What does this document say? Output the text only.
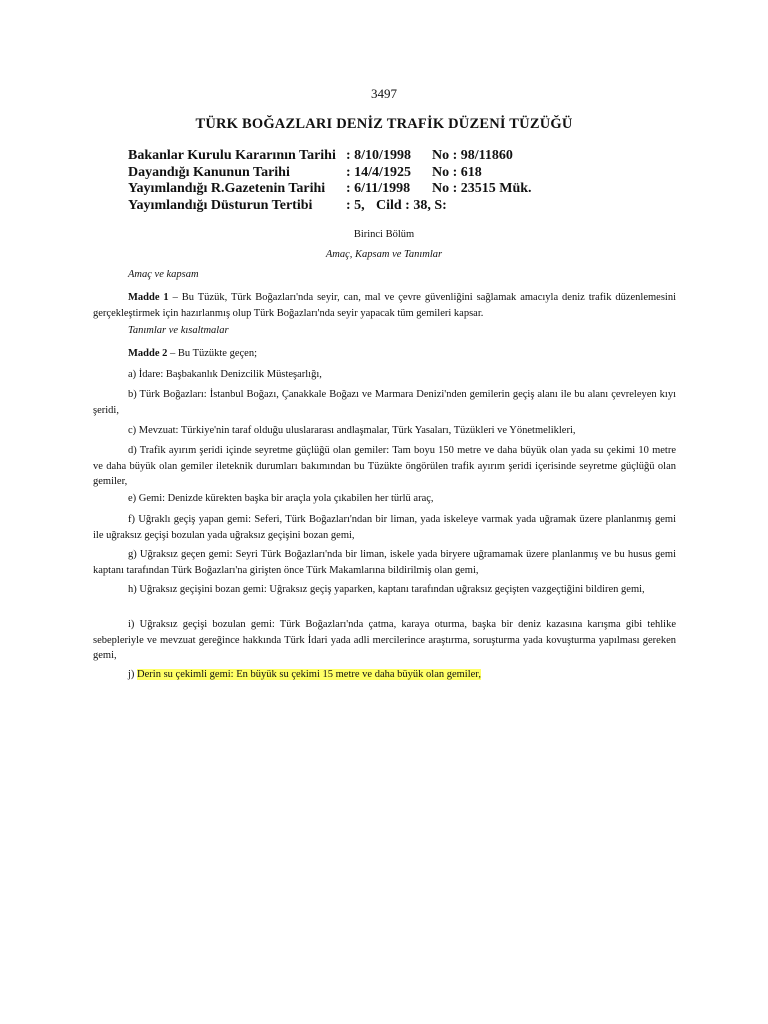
3497
TÜRK BOĞAZLARI DENİZ TRAFİK DÜZENİ TÜZÜĞÜ
Bakanlar Kurulu Kararının Tarihi : 8/10/1998	No : 98/11860
Dayandığı Kanunun Tarihi	: 14/4/1925	No : 618
Yayımlandığı R.Gazetenin Tarihi	: 6/11/1998	No : 23515 Mük.
Yayımlandığı Düsturun Tertibi	: 5, Cild : 38, S:
Birinci Bölüm
Amaç, Kapsam ve Tanımlar
Amaç ve kapsam

Madde 1 – Bu Tüzük, Türk Boğazları'nda seyir, can, mal ve çevre güvenliğini sağlamak amacıyla deniz trafik düzenlemesini gerçekleştirmek için hazırlanmış olup Türk Boğazları'nda seyir yapacak tüm gemileri kapsar.

Tanımlar ve kısaltmalar

Madde 2 – Bu Tüzükte geçen;

a) İdare: Başbakanlık Denizcilik Müsteşarlığı,

b) Türk Boğazları: İstanbul Boğazı, Çanakkale Boğazı ve Marmara Denizi'nden gemilerin geçiş alanı ile bu alanı çevreleyen kıyı şeridi,

c) Mevzuat: Türkiye'nin taraf olduğu uluslararası andlaşmalar, Türk Yasaları, Tüzükleri ve Yönetmelikleri,

d) Trafik ayırım şeridi içinde seyretme güçlüğü olan gemiler: Tam boyu 150 metre ve daha büyük olan yada su çekimi 10 metre ve daha büyük olan gemiler ileteknik durumları bakımından bu Tüzükte öngörülen trafik ayırım şeridi içerisinde seyretme güçlüğü olan gemiler,

e) Gemi: Denizde kürekten başka bir araçla yola çıkabilen her türlü araç,

f) Uğraklı geçiş yapan gemi: Seferi, Türk Boğazları'ndan bir liman, yada iskeleye varmak yada uğramak üzere planlanmış gemi ile uğraksız geçişi bozulan yada uğraksız geçişini bozan gemi,

g) Uğraksız geçen gemi: Seyri Türk Boğazları'nda bir liman, iskele yada biryere uğramamak üzere planlanmış ve bu husus gemi kaptanı tarafından Türk Boğazları'na girişten önce Türk Makamlarına bildirilmiş olan gemi,

h) Uğraksız geçişini bozan gemi: Uğraksız geçiş yaparken, kaptanı tarafından uğraksız geçişten vazgeçtiğini bildiren gemi,

i) Uğraksız geçişi bozulan gemi: Türk Boğazları'nda çatma, karaya oturma, başka bir deniz kazasına karışma gibi tehlike sebepleriyle ve mevzuat gereğince hakkında Türk İdari yada adli mercilerince araştırma, soruşturma yada kovuşturma yapılması gereken gemi,

j) Derin su çekimli gemi: En büyük su çekimi 15 metre ve daha büyük olan gemiler,
